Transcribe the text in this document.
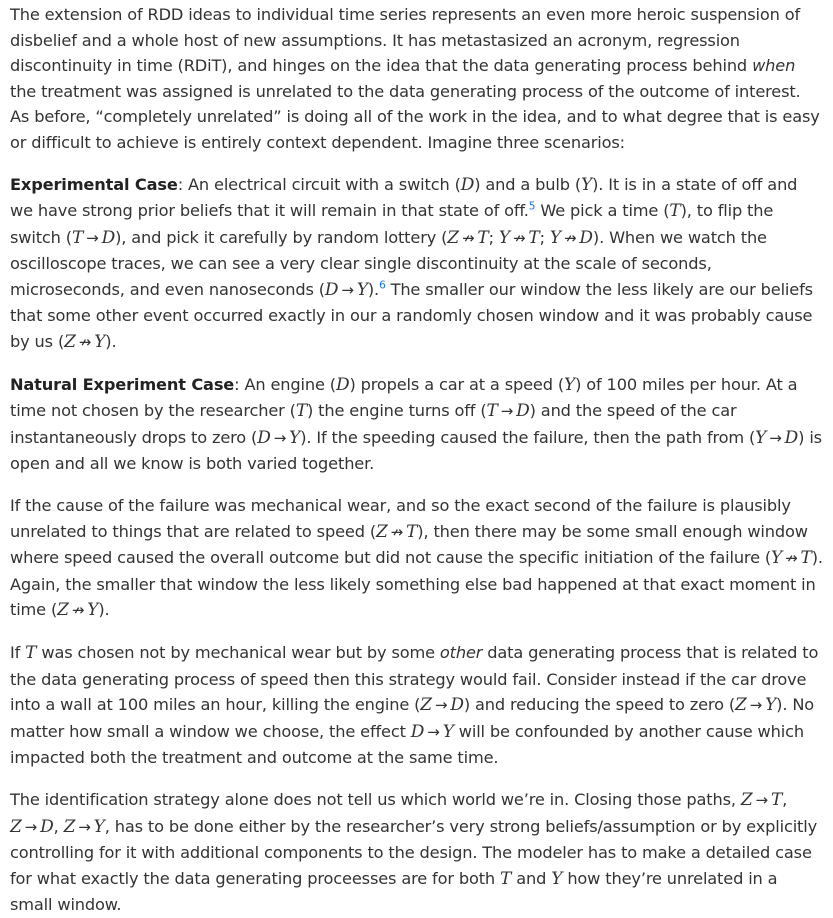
The extension of RDD ideas to individual time series represents an even more heroic suspension of disbelief and a whole host of new assumptions. It has metastasized an acronym, regression discontinuity in time (RDiT), and hinges on the idea that the data generating process behind when the treatment was assigned is unrelated to the data generating process of the outcome of interest. As before, “completely unrelated” is doing all of the work in the idea, and to what degree that is easy or difficult to achieve is entirely context dependent. Imagine three scenarios:

Experimental Case: An electrical circuit with a switch (D) and a bulb (Y). It is in a state of off and we have strong prior beliefs that it will remain in that state of off.$^5$ We pick a time (T), to flip the switch (T → D), and pick it carefully by random lottery (Z ↛ T; Y ↛ T; Y ↛ D). When we watch the oscilloscope traces, we can see a very clear single discontinuity at the scale of seconds, microseconds, and even nanoseconds (D → Y).$^6$ The smaller our window the less likely are our beliefs that some other event occurred exactly in our a randomly chosen window and it was probably cause by us (Z ↛ Y).

Natural Experiment Case: An engine (D) propels a car at a speed (Y) of 100 miles per hour. At a time not chosen by the researcher (T) the engine turns off (T → D) and the speed of the car instantaneously drops to zero (D → Y). If the speeding caused the failure, then the path from (Y → D) is open and all we know is both varied together.

If the cause of the failure was mechanical wear, and so the exact second of the failure is plausibly unrelated to things that are related to speed (Z ↛ T), then there may be some small enough window where speed caused the overall outcome but did not cause the specific initiation of the failure (Y ↛ T). Again, the smaller that window the less likely something else bad happened at that exact moment in time (Z ↛ Y).

If T was chosen not by mechanical wear but by some other data generating process that is related to the data generating process of speed then this strategy would fail. Consider instead if the car drove into a wall at 100 miles an hour, killing the engine (Z → D) and reducing the speed to zero (Z → Y). No matter how small a window we choose, the effect D → Y will be confounded by another cause which impacted both the treatment and outcome at the same time.

The identification strategy alone does not tell us which world we’re in. Closing those paths, Z → T, Z → D, Z → Y, has to be done either by the researcher’s very strong beliefs/assumption or by explicitly controlling for it with additional components to the design. The modeler has to make a detailed case for what exactly the data generating proceesses are for both T and Y how they’re unrelated in a small window.
